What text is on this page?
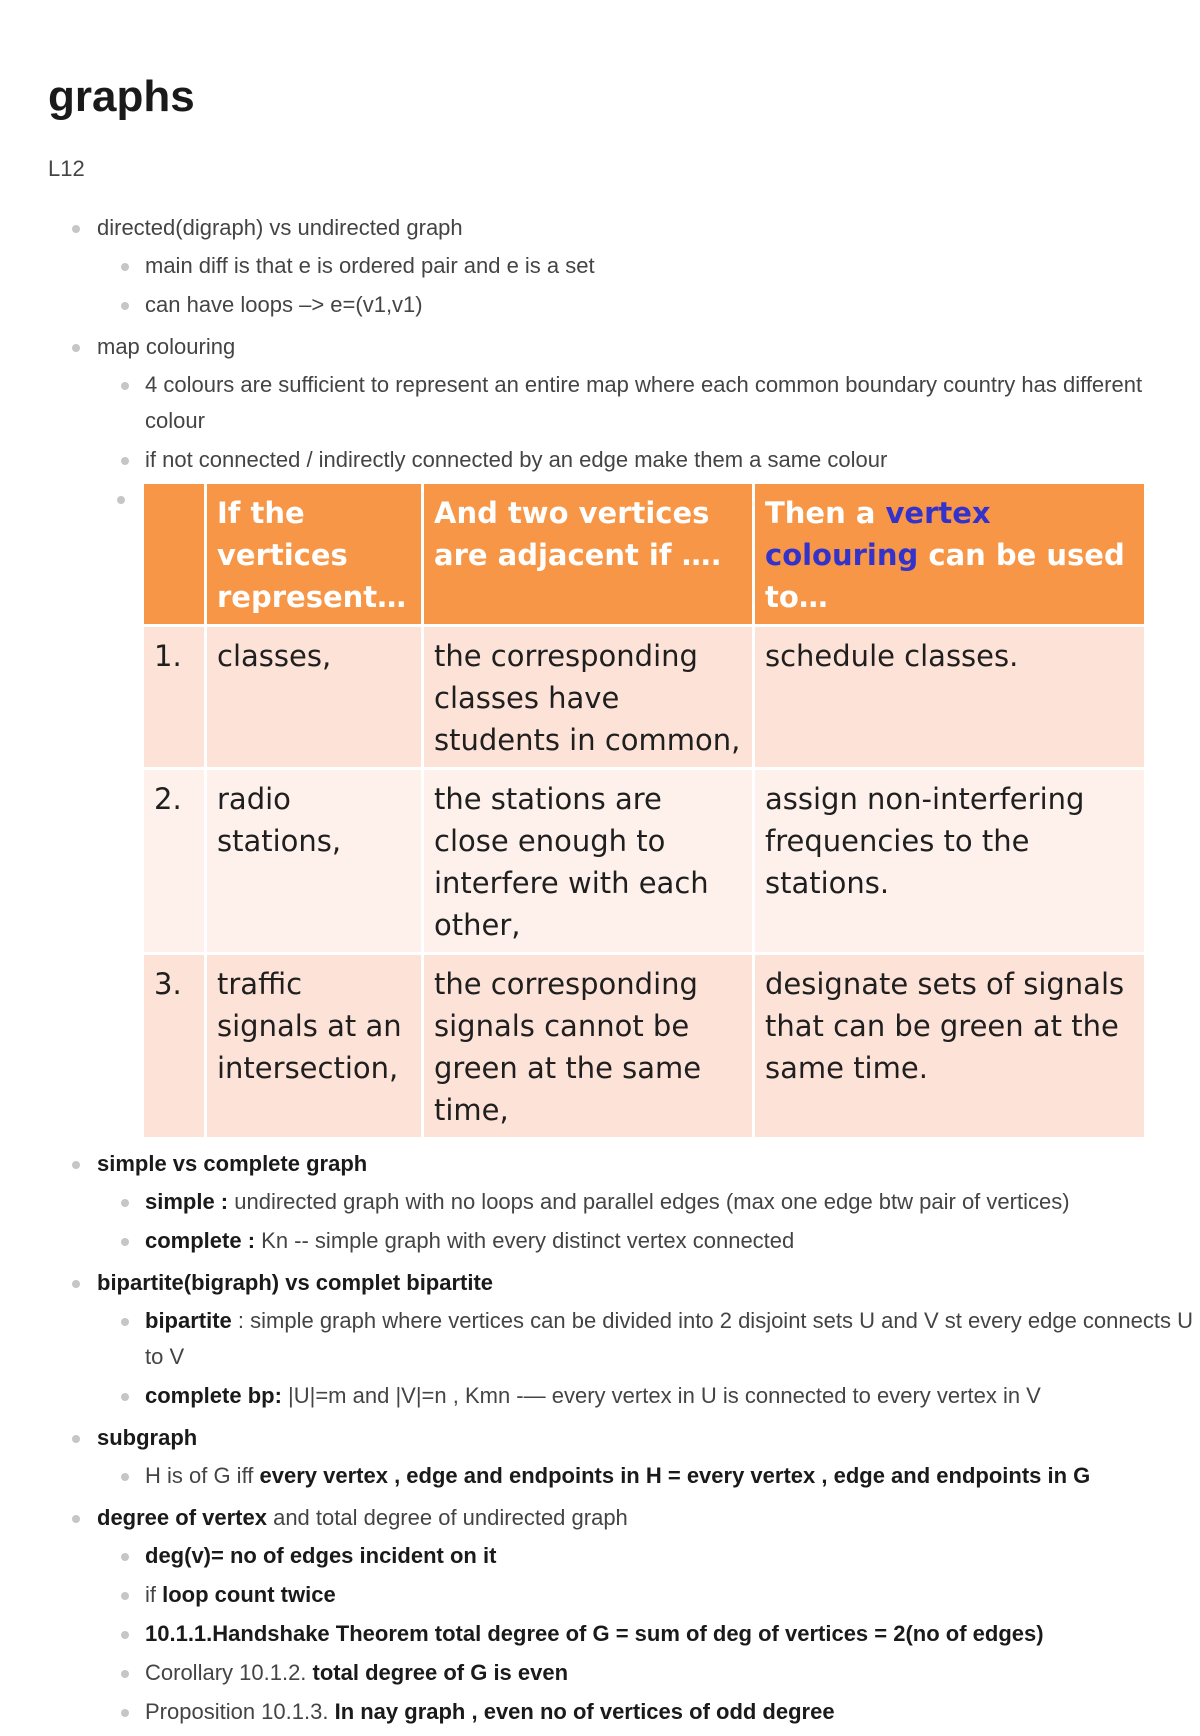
graphs
L12
directed(digraph) vs undirected graph
main diff is that e is ordered pair and e is a set
can have loops –> e=(v1,v1)
map colouring
4 colours are sufficient to represent an entire map where each common boundary country has different colour
if not connected / indirectly connected by an edge make them a same colour
	If the vertices represent…	And two vertices are adjacent if ….	Then a vertex colouring can be used to…
1.	classes,	the corresponding classes have students in common,	schedule classes.
2.	radio stations,	the stations are close enough to interfere with each other,	assign non-interfering frequencies to the stations.
3.	traffic signals at an intersection,	the corresponding signals cannot be green at the same time,	designate sets of signals that can be green at the same time.
simple vs complete graph
simple : undirected graph with no loops and parallel edges (max one edge btw pair of vertices)
complete : Kn -- simple graph with every distinct vertex connected
bipartite(bigraph) vs complet bipartite
bipartite : simple graph where vertices can be divided into 2 disjoint sets U and V st every edge connects U to V
complete bp: |U|=m and |V|=n , Kmn -— every vertex in U is connected to every vertex in V
subgraph
H is of G iff every vertex , edge and endpoints in H = every vertex , edge and endpoints in G
degree of vertex and total degree of undirected graph
deg(v)= no of edges incident on it
if loop count twice
10.1.1.Handshake Theorem total degree of G = sum of deg of vertices = 2(no of edges)
Corollary 10.1.2. total degree of G is even
Proposition 10.1.3. In nay graph , even no of vertices of odd degree
